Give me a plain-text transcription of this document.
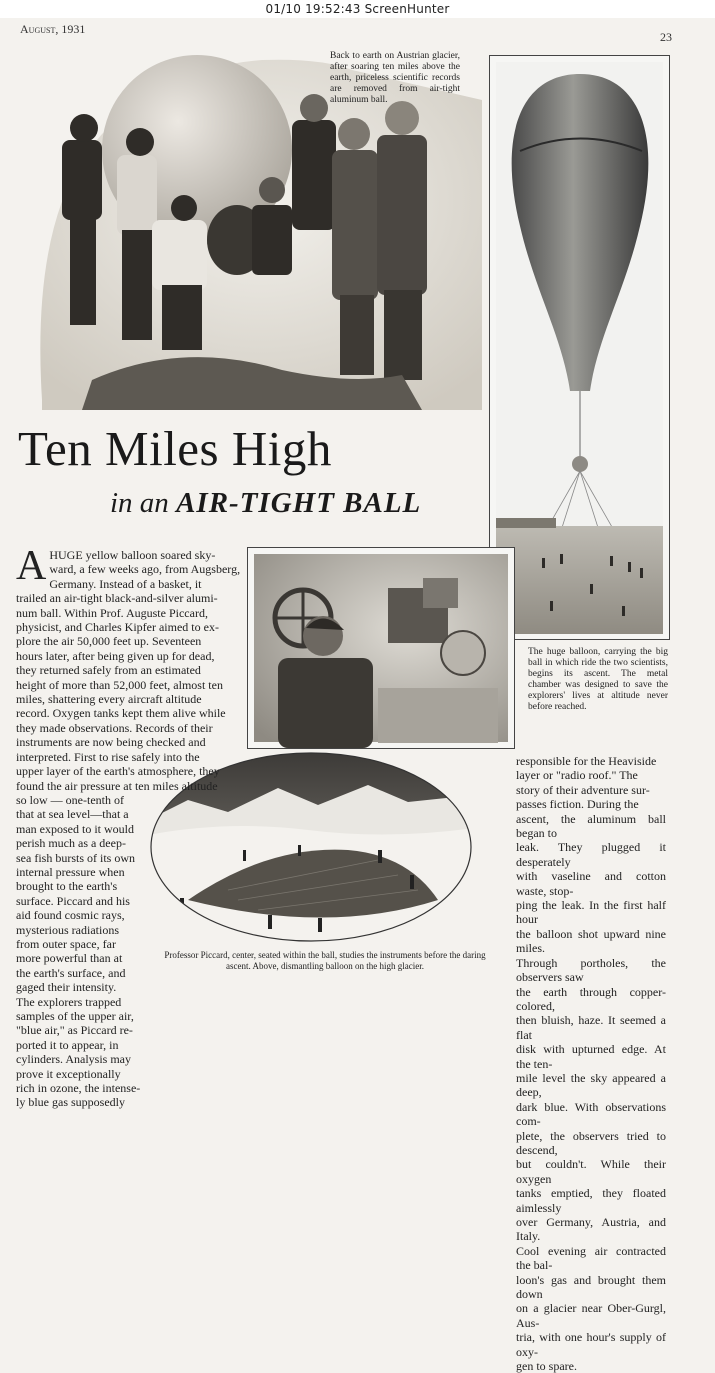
01/10 19:52:43 ScreenHunter
August, 1931
23
Back to earth on Austrian glacier, after soaring ten miles above the earth, priceless scientific records are removed from air-tight aluminum ball.
The huge balloon, carrying the big ball in which ride the two scientists, begins its ascent. The metal chamber was designed to save the explorers' lives at altitude never before reached.
Ten Miles High
in an AIR-TIGHT BALL
Professor Piccard, center, seated within the ball, studies the instruments before the daring ascent. Above, dismantling balloon on the high glacier.
A HUGE yellow balloon soared sky-
ward, a few weeks ago, from Augsberg,
Germany. Instead of a basket, it
trailed an air-tight black-and-silver alumi-
num ball. Within Prof. Auguste Piccard,
physicist, and Charles Kipfer aimed to ex-
plore the air 50,000 feet up. Seventeen
hours later, after being given up for dead,
they returned safely from an estimated
height of more than 52,000 feet, almost ten
miles, shattering every aircraft altitude
record. Oxygen tanks kept them alive while
they made observations. Records of their
instruments are now being checked and
interpreted. First to rise safely into the
upper layer of the earth's atmosphere, they
found the air pressure at ten miles altitude
so low — one-tenth of
that at sea level—that a
man exposed to it would
perish much as a deep-
sea fish bursts of its own
internal pressure when
brought to the earth's
surface. Piccard and his
aid found cosmic rays,
mysterious radiations
from outer space, far
more powerful than at
the earth's surface, and
gaged their intensity.
The explorers trapped
samples of the upper air,
"blue air," as Piccard re-
ported it to appear, in
cylinders. Analysis may
prove it exceptionally
rich in ozone, the intense-
ly blue gas supposedly
responsible for the Heaviside
layer or "radio roof." The
story of their adventure sur-
passes fiction. During the
ascent, the aluminum ball began to
leak. They plugged it desperately
with vaseline and cotton waste, stop-
ping the leak. In the first half hour
the balloon shot upward nine miles.
Through portholes, the observers saw
the earth through copper-colored,
then bluish, haze. It seemed a flat
disk with upturned edge. At the ten-
mile level the sky appeared a deep,
dark blue. With observations com-
plete, the observers tried to descend,
but couldn't. While their oxygen
tanks emptied, they floated aimlessly
over Germany, Austria, and Italy.
Cool evening air contracted the bal-
loon's gas and brought them down
on a glacier near Ober-Gurgl, Aus-
tria, with one hour's supply of oxy-
gen to spare.
